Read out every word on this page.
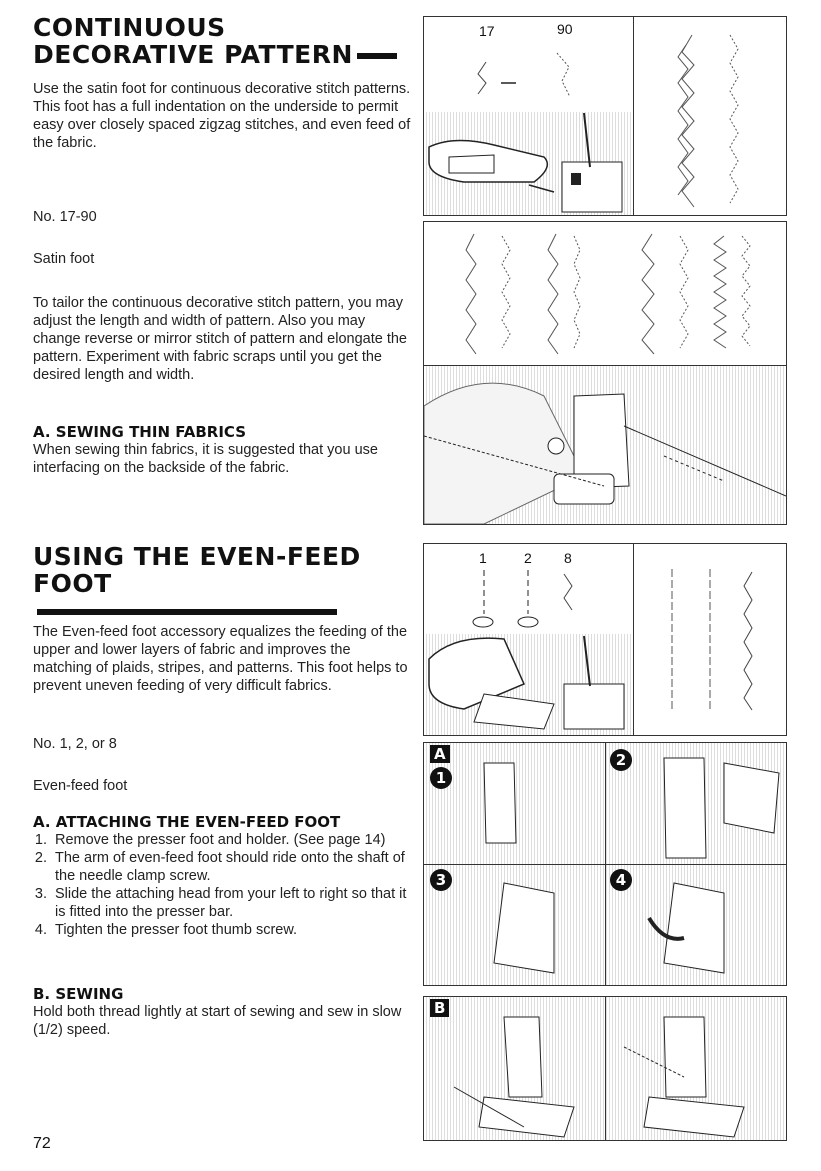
CONTINUOUS
DECORATIVE PATTERN

Use the satin foot for continuous decorative stitch patterns. This foot has a full indentation on the underside to permit easy over closely spaced zigzag stitches, and even feed of the fabric.

No. 17-90

Satin foot

To tailor the continuous decorative stitch pattern, you may adjust the length and width of pattern. Also you may change reverse or mirror stitch of pattern and elongate the pattern. Experiment with fabric scraps until you get the desired length and width.

A. SEWING THIN FABRICS

When sewing thin fabrics, it is suggested that you use interfacing on the backside of the fabric.

USING THE EVEN-FEED
FOOT

The Even-feed foot accessory equalizes the feeding of the upper and lower layers of fabric and improves the matching of plaids, stripes, and patterns. This foot helps to prevent uneven feeding of very difficult fabrics.

No. 1, 2, or 8

Even-feed foot

A. ATTACHING THE EVEN-FEED FOOT

1. Remove the presser foot and holder. (See page 14)
2. The arm of even-feed foot should ride onto the shaft of the needle clamp screw.
3. Slide the attaching head from your left to right so that it is fitted into the presser bar.
4. Tighten the presser foot thumb screw.

B. SEWING

Hold both thread lightly at start of sewing and sew in slow (1/2) speed.

72
17	90
1	2 8
A
1
2
3	4
B
